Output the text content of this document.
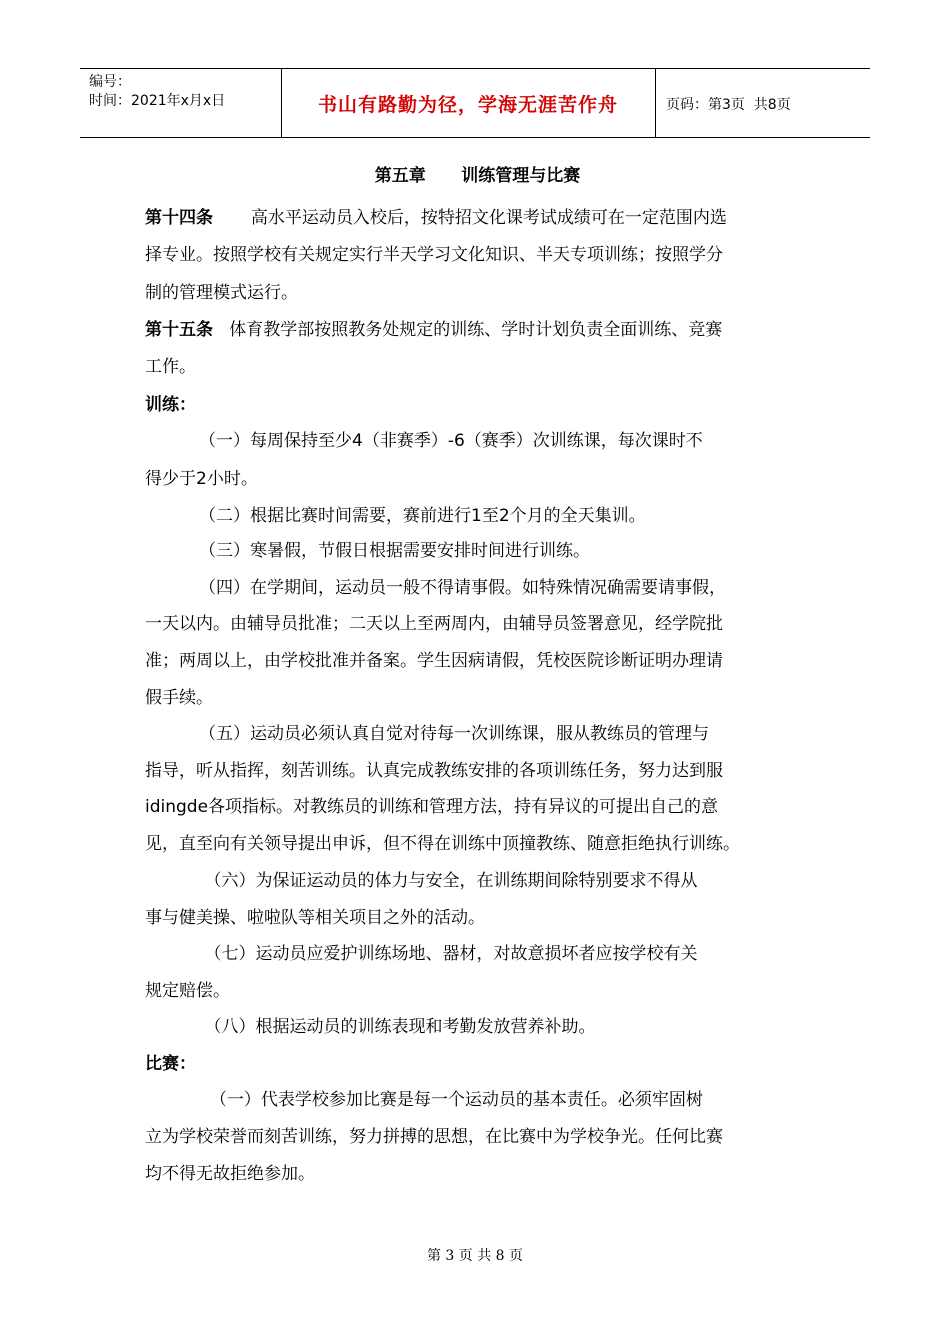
编号：
时间：2021年x月x日	书山有路勤为径，学海无涯苦作舟	页码：第3页  共8页
第五章      训练管理与比赛
第十四条       高水平运动员入校后，按特招文化课考试成绩可在一定范围内选
择专业。按照学校有关规定实行半天学习文化知识、半天专项训练；按照学分
制的管理模式运行。
第十五条   体育教学部按照教务处规定的训练、学时计划负责全面训练、竞赛
工作。
训练：
（一）每周保持至少4（非赛季）-6（赛季）次训练课，每次课时不
得少于2小时。
（二）根据比赛时间需要，赛前进行1至2个月的全天集训。
（三）寒暑假，节假日根据需要安排时间进行训练。
（四）在学期间，运动员一般不得请事假。如特殊情况确需要请事假，
一天以内。由辅导员批准；二天以上至两周内，由辅导员签署意见，经学院批
准；两周以上，由学校批准并备案。学生因病请假，凭校医院诊断证明办理请
假手续。
（五）运动员必须认真自觉对待每一次训练课，服从教练员的管理与
指导，听从指挥，刻苦训练。认真完成教练安排的各项训练任务，努力达到服
idingde各项指标。对教练员的训练和管理方法，持有异议的可提出自己的意
见，直至向有关领导提出申诉，但不得在训练中顶撞教练、随意拒绝执行训练。
（六）为保证运动员的体力与安全，在训练期间除特别要求不得从
事与健美操、啦啦队等相关项目之外的活动。
（七）运动员应爱护训练场地、器材，对故意损坏者应按学校有关
规定赔偿。
（八）根据运动员的训练表现和考勤发放营养补助。
比赛：
（一）代表学校参加比赛是每一个运动员的基本责任。必须牢固树
立为学校荣誉而刻苦训练，努力拼搏的思想，在比赛中为学校争光。任何比赛
均不得无故拒绝参加。
第 3 页 共 8 页
